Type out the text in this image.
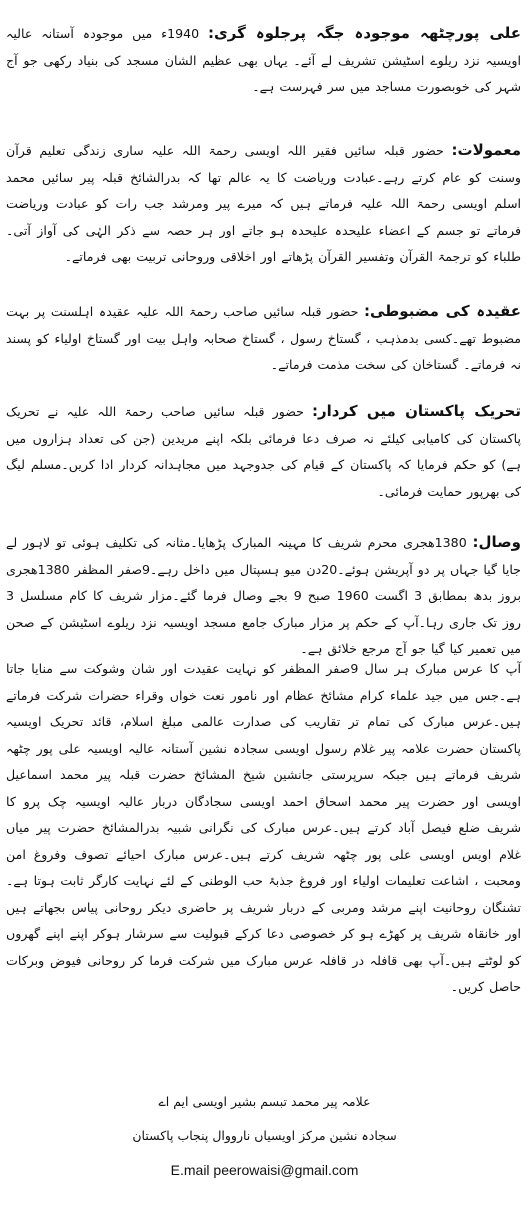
علی پورچٹھہ موجودہ جگہ پرجلوہ گری: 1940ء میں موجودہ آستانہ عالیہ اویسیہ نزد ریلوے اسٹیشن تشریف لے آئے۔ یہاں بھی عظیم الشان مسجد کی بنیاد رکھی جو آج شہر کی خوبصورت مساجد میں سر فہرست ہے۔
معمولات: حضور قبلہ سائیں فقیر اللہ اویسی رحمۃ اللہ علیہ ساری زندگی تعلیم قرآن وسنت کو عام کرتے رہے۔عبادت وریاضت کا یہ عالم تھا کہ بدرالشائخ قبلہ پیر سائیں محمد اسلم اویسی رحمۃ اللہ علیہ فرماتے ہیں کہ میرے پیر ومرشد جب رات کو عبادت وریاضت فرماتے تو جسم کے اعضاء علیحدہ علیحدہ ہو جاتے اور ہر حصہ سے ذکر الہٰی کی آواز آتی۔طلباء کو ترجمۃ القرآن وتفسیر القرآن پڑھاتے اور اخلاقی وروحانی تربیت بھی فرماتے۔
عقیدہ کی مضبوطی: حضور قبلہ سائیں صاحب رحمۃ اللہ علیہ عقیدہ اہلسنت پر بہت مضبوط تھے۔کسی بدمذہب ، گستاخ رسول ، گستاخ صحابہ واہل بیت اور گستاخ اولیاء کو پسند نہ فرماتے۔ گستاخان کی سخت مذمت فرماتے۔
تحریک پاکستان میں کردار: حضور قبلہ سائیں صاحب رحمۃ اللہ علیہ نے تحریک پاکستان کی کامیابی کیلئے نہ صرف دعا فرمائی بلکہ اپنے مریدین (جن کی تعداد ہزاروں میں ہے) کو حکم فرمایا کہ پاکستان کے قیام کی جدوجہد میں مجاہدانہ کردار ادا کریں۔مسلم لیگ کی بھرپور حمایت فرمائی۔
وصال: 1380ھجری محرم شریف کا مہینہ المبارک پڑھایا۔مثانہ کی تکلیف ہوئی تو لاہور لے جایا گیا جہاں پر دو آپریشن ہوئے۔20دن میو ہسپتال میں داخل رہے۔9صفر المظفر 1380ھجری بروز بدھ بمطابق 3 اگست 1960 صبح 9 بجے وصال فرما گئے۔مزار شریف کا کام مسلسل 3 روز تک جاری رہا۔آپ کے حکم پر مزار مبارک جامع مسجد اویسیہ نزد ریلوے اسٹیشن کے صحن میں تعمیر کیا گیا جو آج مرجع خلائق ہے۔
آپ کا عرس مبارک ہر سال 9صفر المظفر کو نہایت عقیدت اور شان وشوکت سے منایا جاتا ہے۔جس میں جید علماء کرام مشائخ عظام اور نامور نعت خواں وقراء حضرات شرکت فرماتے ہیں۔عرس مبارک کی تمام تر تقاریب کی صدارت عالمی مبلغ اسلام، قائد تحریک اویسیہ پاکستان حضرت علامہ پیر غلام رسول اویسی سجادہ نشین آستانہ عالیہ اویسیہ علی پور چٹھہ شریف فرماتے ہیں جبکہ سرپرستی جانشین شیخ المشائخ حضرت قبلہ پیر محمد اسماعیل اویسی اور حضرت پیر محمد اسحاق احمد اویسی سجادگان دربار عالیہ اویسیہ چک پرو کا شریف ضلع فیصل آباد کرتے ہیں۔عرس مبارک کی نگرانی شبیہ بدرالمشائخ حضرت پیر میاں غلام اویس اویسی علی پور چٹھہ شریف کرتے ہیں۔عرس مبارک احیائے تصوف وفروغ امن ومحبت ، اشاعت تعلیمات اولیاء اور فروغ جذبۂ حب الوطنی کے لئے نہایت کارگر ثابت ہوتا ہے۔تشنگان روحانیت اپنے مرشد ومربی کے دربار شریف پر حاضری دیکر روحانی پیاس بجھاتے ہیں اور خانقاہ شریف پر کھڑے ہو کر خصوصی دعا کرکے قبولیت سے سرشار ہوکر اپنے اپنے گھروں کو لوٹتے ہیں۔آپ بھی قافلہ در قافلہ عرس مبارک میں شرکت فرما کر روحانی فیوض وبرکات حاصل کریں۔
علامہ پیر محمد تبسم بشیر اویسی ایم اے
سجادہ نشین مرکز اویسیاں نارووال پنجاب پاکستان
E.mail peerowaisi@gmail.com
